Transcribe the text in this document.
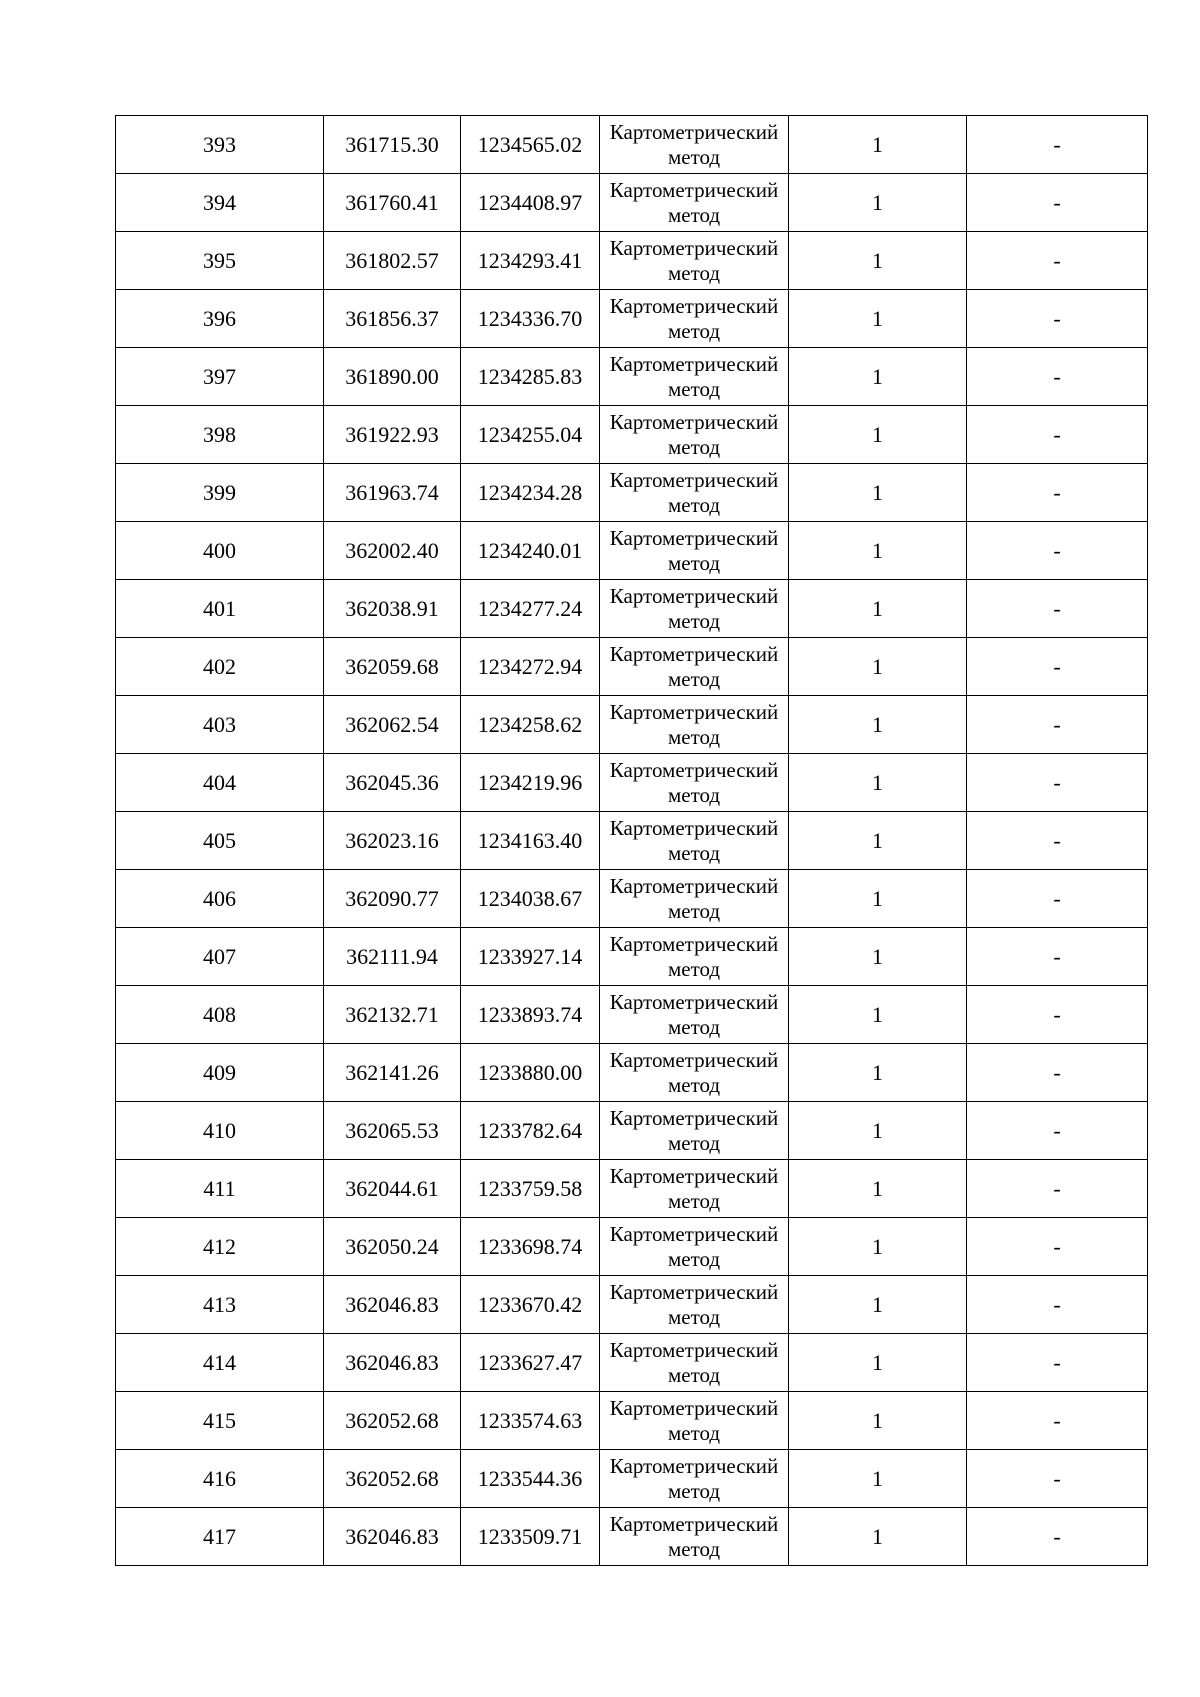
393	361715.30	1234565.02	Картометрический метод	1	-
394	361760.41	1234408.97	Картометрический метод	1	-
395	361802.57	1234293.41	Картометрический метод	1	-
396	361856.37	1234336.70	Картометрический метод	1	-
397	361890.00	1234285.83	Картометрический метод	1	-
398	361922.93	1234255.04	Картометрический метод	1	-
399	361963.74	1234234.28	Картометрический метод	1	-
400	362002.40	1234240.01	Картометрический метод	1	-
401	362038.91	1234277.24	Картометрический метод	1	-
402	362059.68	1234272.94	Картометрический метод	1	-
403	362062.54	1234258.62	Картометрический метод	1	-
404	362045.36	1234219.96	Картометрический метод	1	-
405	362023.16	1234163.40	Картометрический метод	1	-
406	362090.77	1234038.67	Картометрический метод	1	-
407	362111.94	1233927.14	Картометрический метод	1	-
408	362132.71	1233893.74	Картометрический метод	1	-
409	362141.26	1233880.00	Картометрический метод	1	-
410	362065.53	1233782.64	Картометрический метод	1	-
411	362044.61	1233759.58	Картометрический метод	1	-
412	362050.24	1233698.74	Картометрический метод	1	-
413	362046.83	1233670.42	Картометрический метод	1	-
414	362046.83	1233627.47	Картометрический метод	1	-
415	362052.68	1233574.63	Картометрический метод	1	-
416	362052.68	1233544.36	Картометрический метод	1	-
417	362046.83	1233509.71	Картометрический метод	1	-
